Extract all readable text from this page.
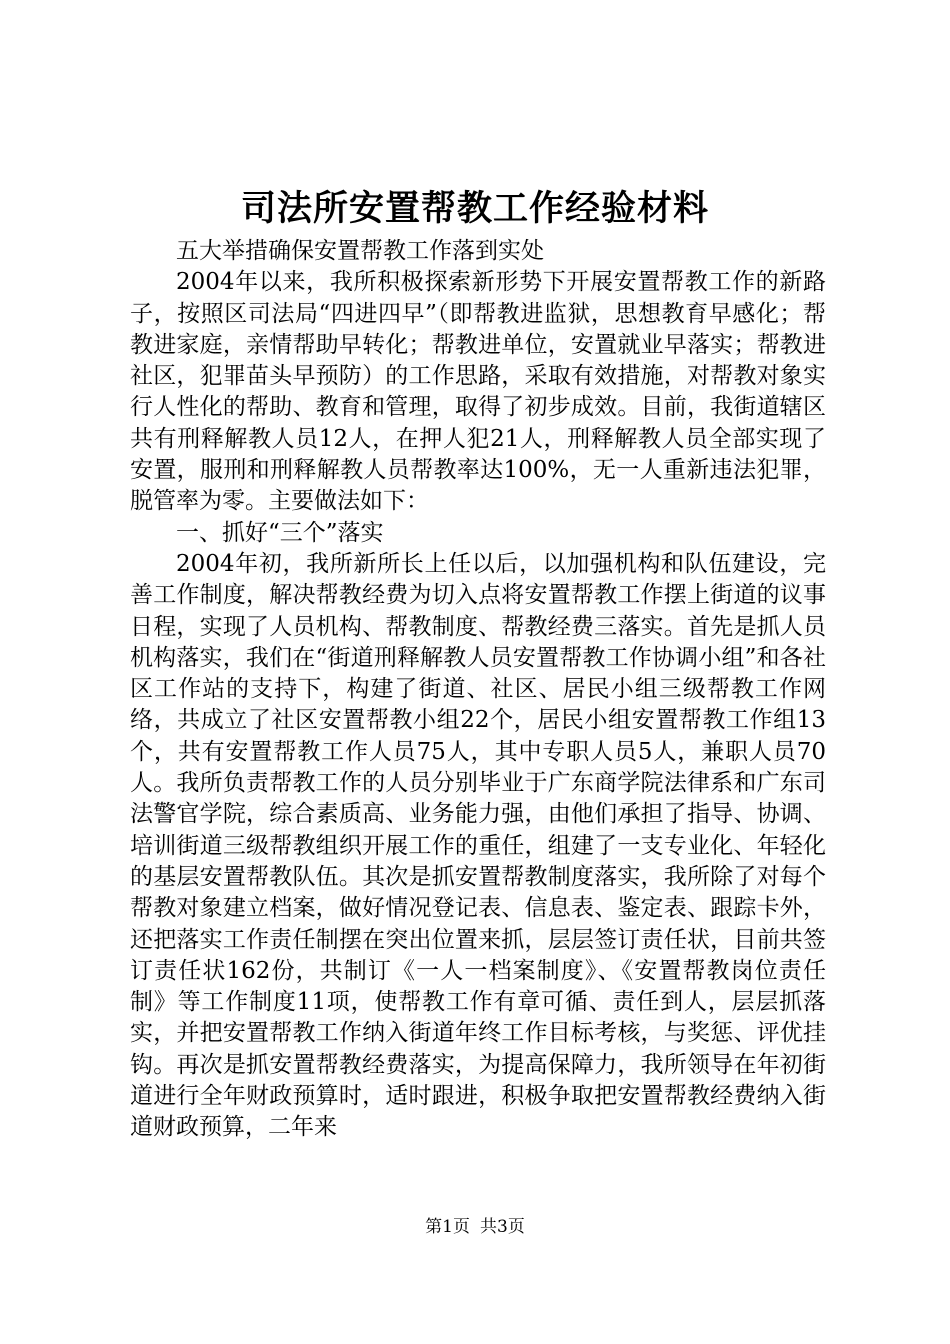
司法所安置帮教工作经验材料

五大举措确保安置帮教工作落到实处

2004年以来，我所积极探索新形势下开展安置帮教工作的新路子，按照区司法局“四进四早”（即帮教进监狱，思想教育早感化；帮教进家庭，亲情帮助早转化；帮教进单位，安置就业早落实；帮教进社区，犯罪苗头早预防）的工作思路，采取有效措施，对帮教对象实行人性化的帮助、教育和管理，取得了初步成效。目前，我街道辖区共有刑释解教人员12人，在押人犯21人，刑释解教人员全部实现了安置，服刑和刑释解教人员帮教率达100%，无一人重新违法犯罪，脱管率为零。主要做法如下：

一、抓好“三个”落实

2004年初，我所新所长上任以后，以加强机构和队伍建设，完善工作制度，解决帮教经费为切入点将安置帮教工作摆上街道的议事日程，实现了人员机构、帮教制度、帮教经费三落实。首先是抓人员机构落实，我们在“街道刑释解教人员安置帮教工作协调小组”和各社区工作站的支持下，构建了街道、社区、居民小组三级帮教工作网络，共成立了社区安置帮教小组22个，居民小组安置帮教工作组13个，共有安置帮教工作人员75人，其中专职人员5人，兼职人员70人。我所负责帮教工作的人员分别毕业于广东商学院法律系和广东司法警官学院，综合素质高、业务能力强，由他们承担了指导、协调、培训街道三级帮教组织开展工作的重任，组建了一支专业化、年轻化的基层安置帮教队伍。其次是抓安置帮教制度落实，我所除了对每个帮教对象建立档案，做好情况登记表、信息表、鉴定表、跟踪卡外，还把落实工作责任制摆在突出位置来抓，层层签订责任状，目前共签订责任状162份，共制订《一人一档案制度》、《安置帮教岗位责任制》等工作制度11项，使帮教工作有章可循、责任到人，层层抓落实，并把安置帮教工作纳入街道年终工作目标考核，与奖惩、评优挂钩。再次是抓安置帮教经费落实，为提高保障力，我所领导在年初街道进行全年财政预算时，适时跟进，积极争取把安置帮教经费纳入街道财政预算，二年来

第1页 共3页
